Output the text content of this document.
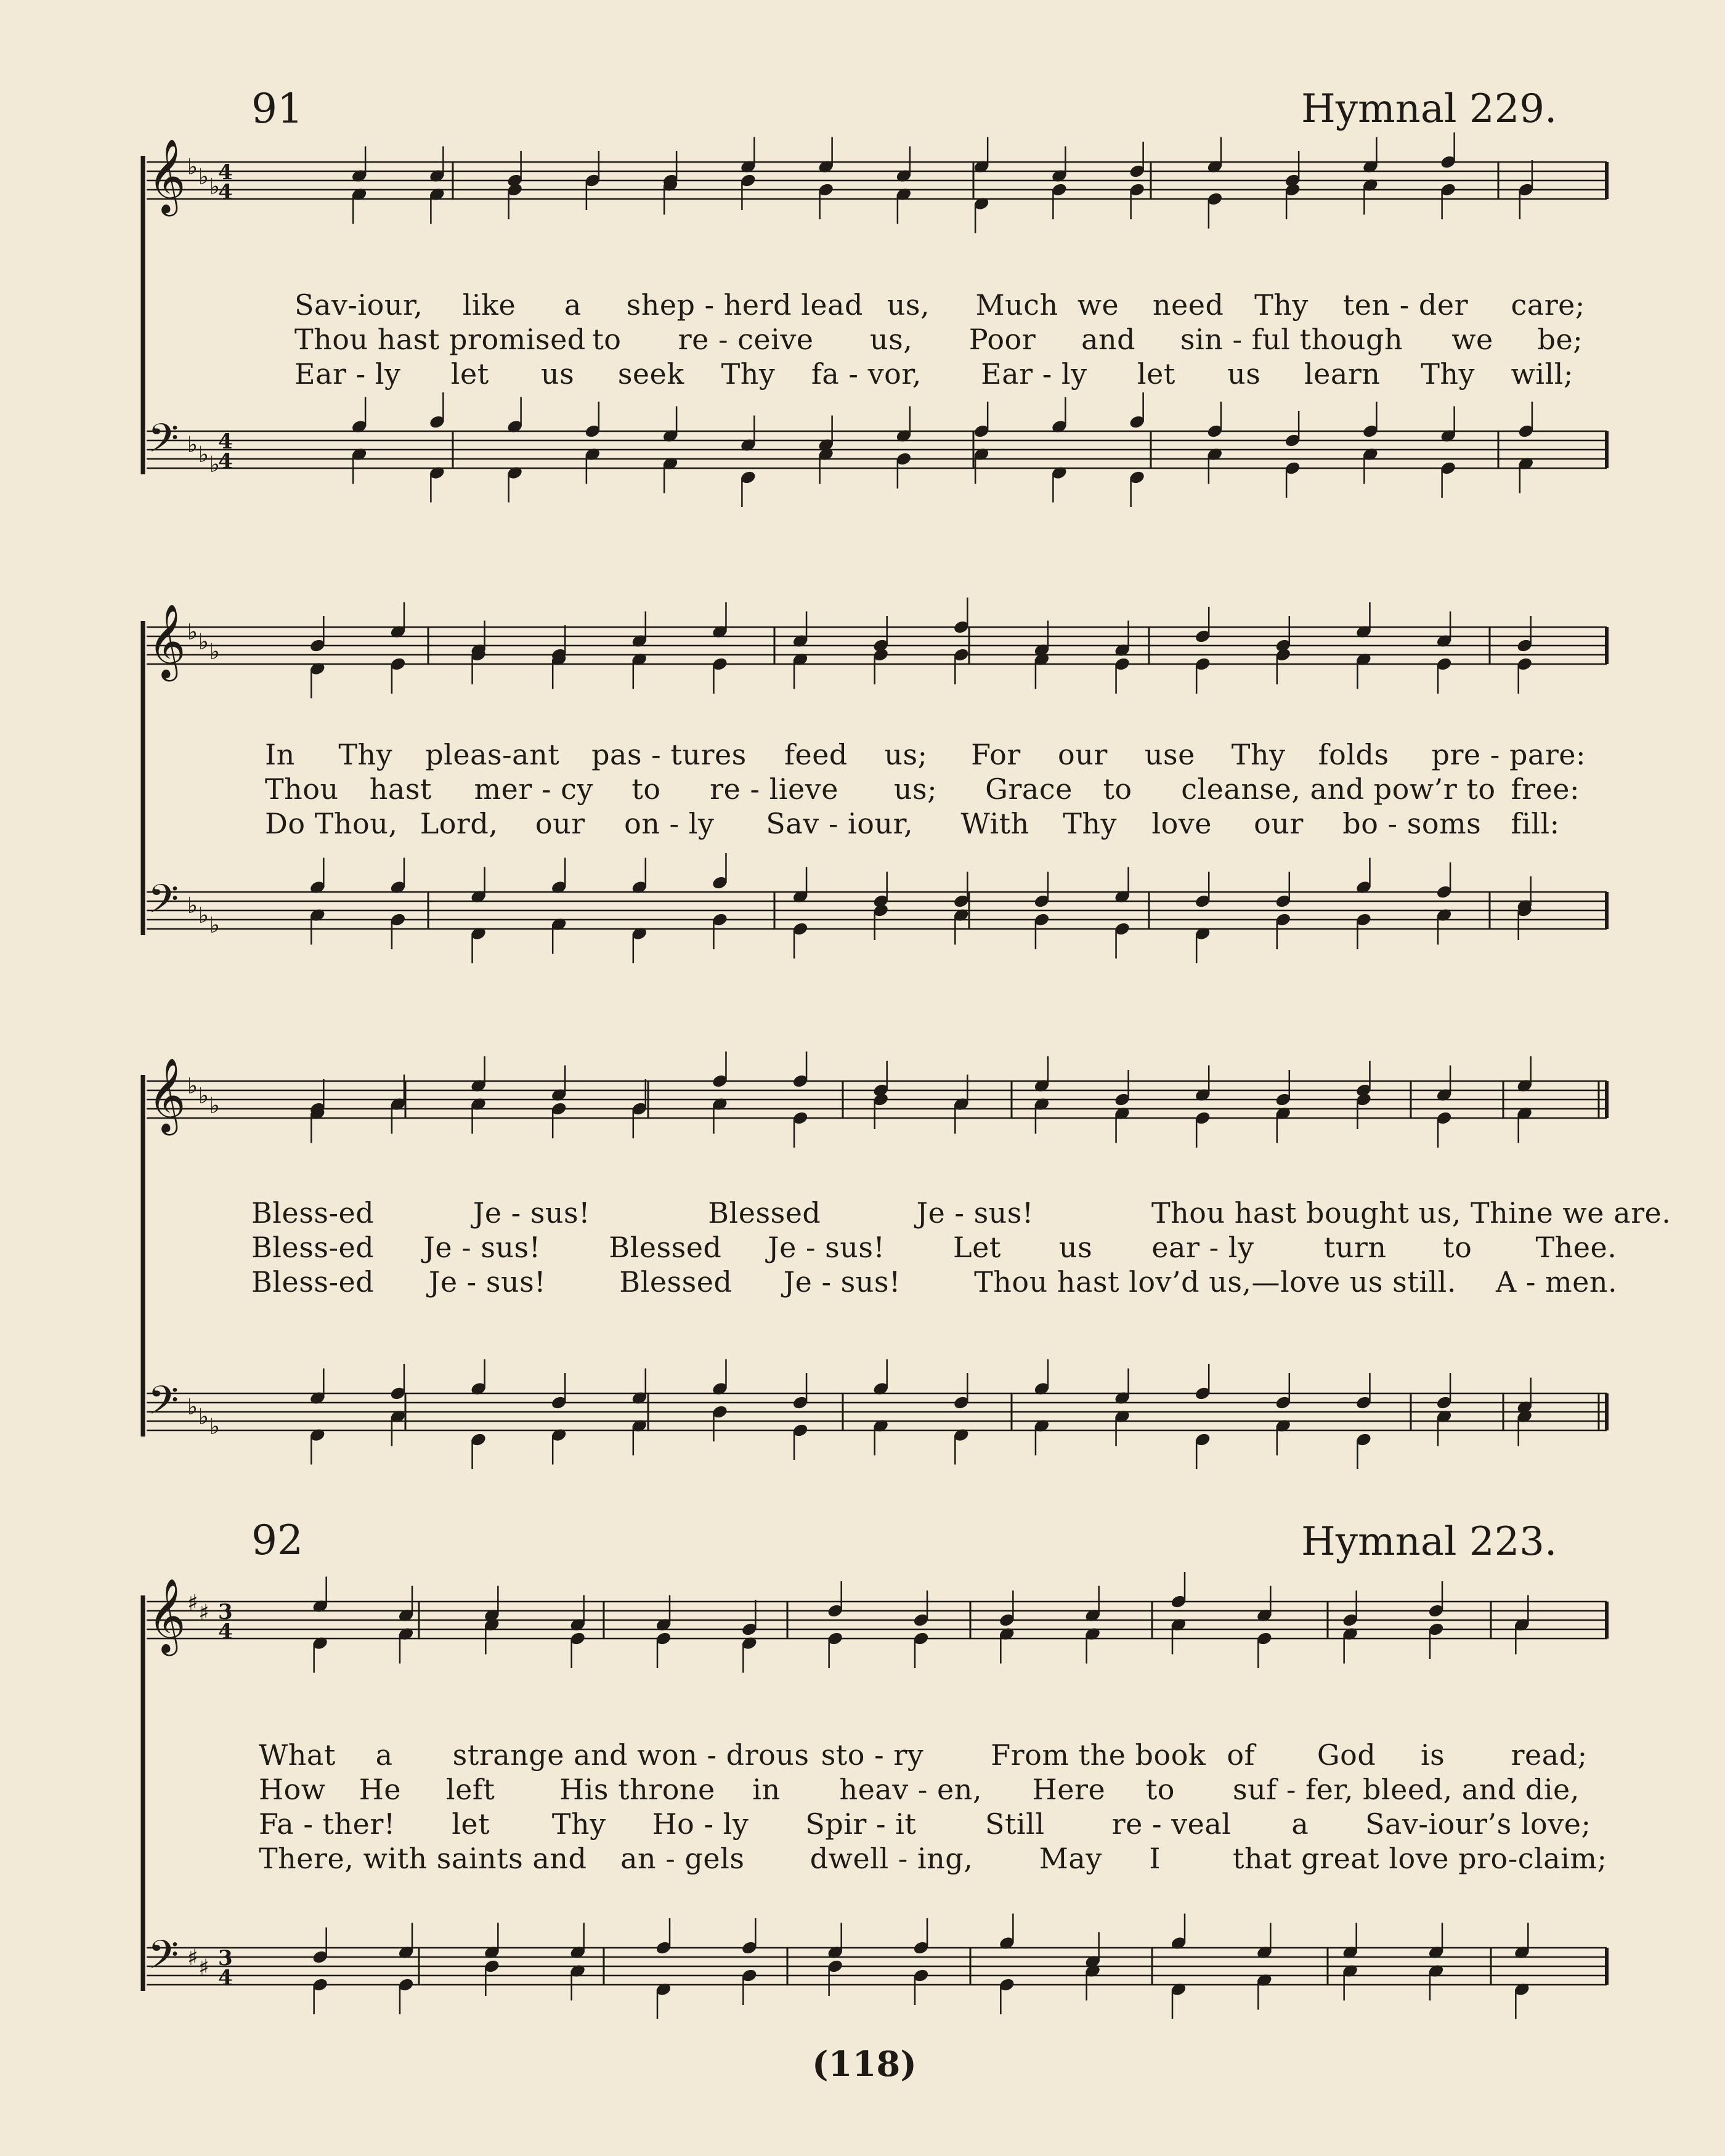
𝄞
𝄢
♭
♭
♭
♭
♭
♭
4
4
4
4
𝄞
𝄢
♭
♭
♭
♭
♭
♭
𝄞
𝄢
♭
♭
♭
♭
♭
♭
𝄞
𝄢
♯
♯
♯
♯
3
4
3
4
91	Hymnal 229.
92	Hymnal 223.
Sav-iour, like a shep - herd lead us, Much we need Thy ten - der care;
Thou hast promised to re - ceive us, Poor and sin - ful though we be;
Ear - ly let us seek Thy fa - vor, Ear - ly let us learn Thy will;
In Thy pleas-ant pas - tures feed us; For our use Thy folds pre - pare:
Thou hast mer - cy to re - lieve us; Grace to cleanse, and pow’r to free:
Do Thou, Lord, our on - ly Sav - iour, With Thy love our bo - soms fill:
Bless-ed	Je - sus!	Blessed	Je - sus!	Thou hast bought us, Thine we are.
Bless-ed Je - sus! Blessed Je - sus! Let us ear - ly turn to Thee.
Bless-ed Je - sus!	Blessed Je - sus!	Thou hast lov’d us,—love us still. A - men.
What a strange and won - drous sto - ry From the book of God is read;
How He left His throne in heav - en, Here to suf - fer, bleed, and die,
Fa - ther! let Thy Ho - ly Spir - it Still re - veal a Sav-iour’s love;
There, with saints and an - gels dwell - ing, May I	that great love pro-claim;
(118)
